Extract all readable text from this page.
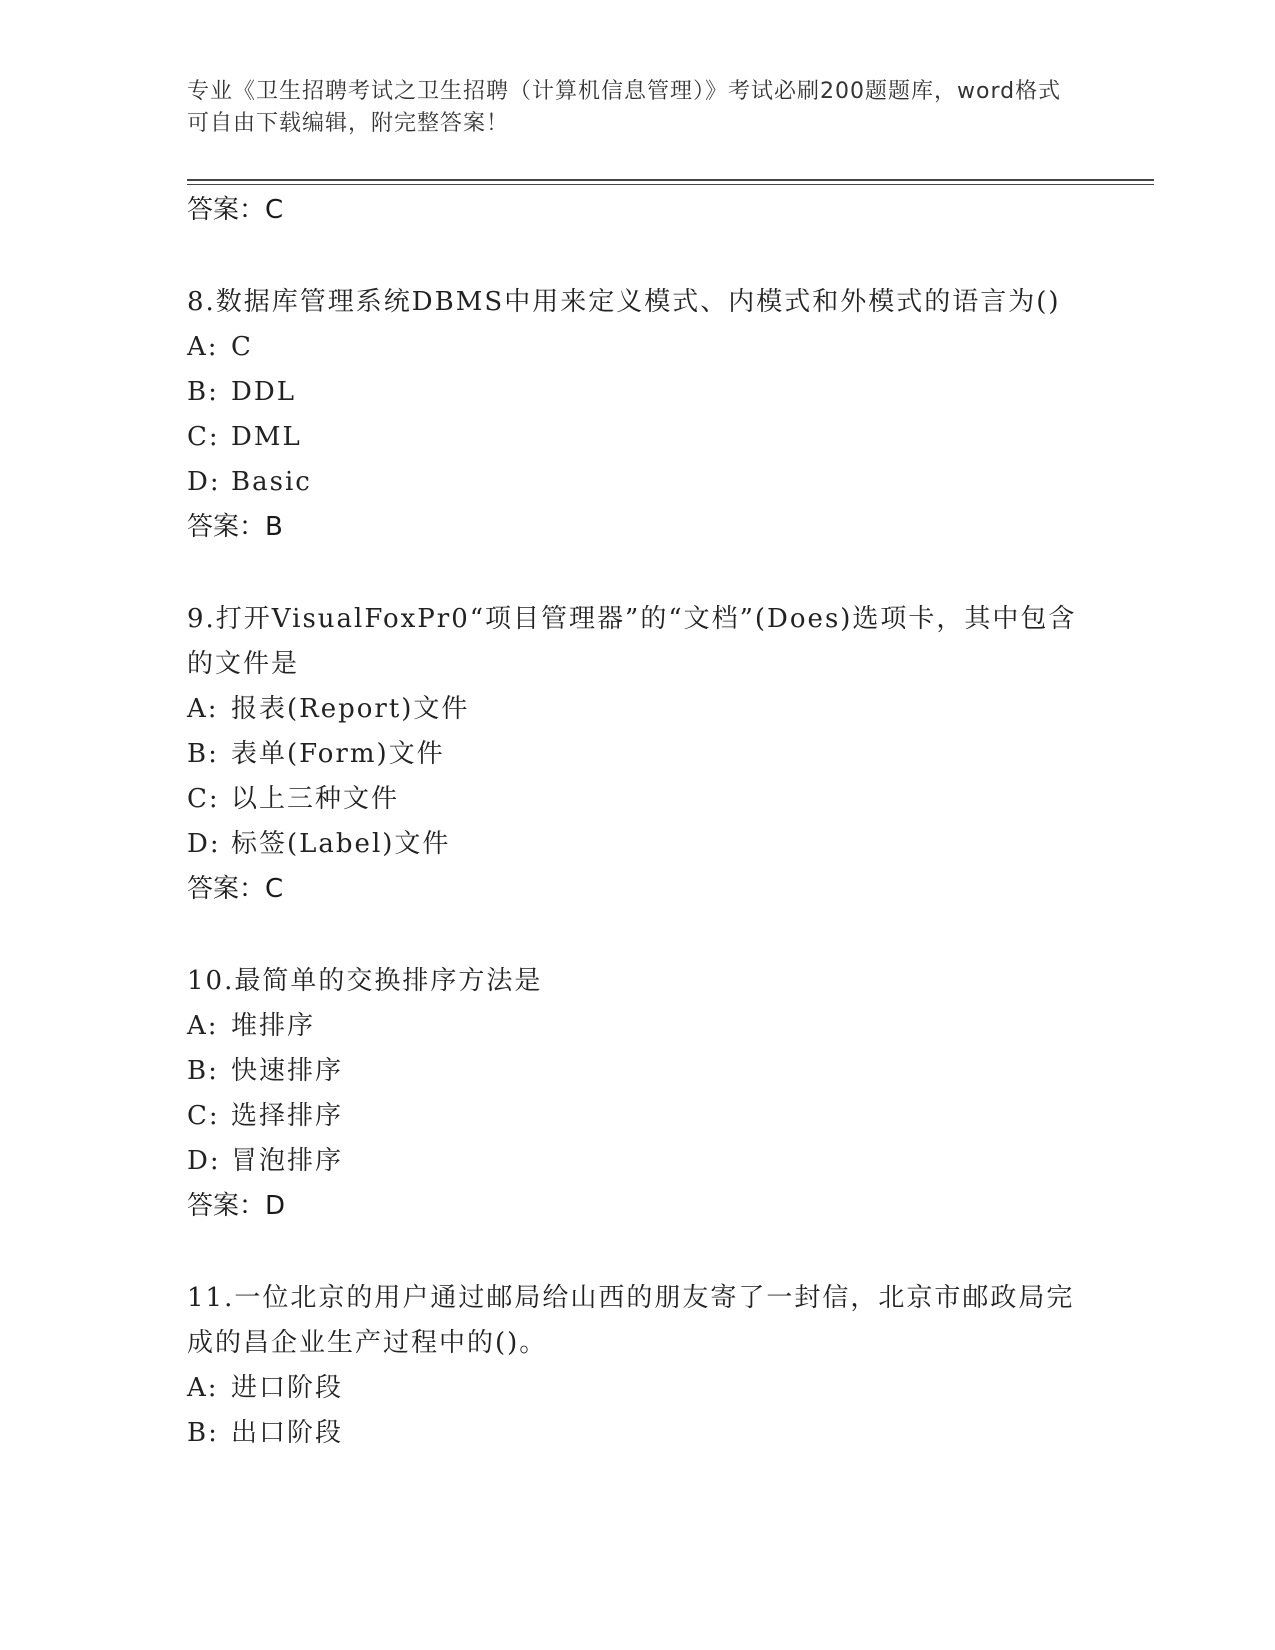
专业《卫生招聘考试之卫生招聘（计算机信息管理）》考试必刷200题题库，word格式可自由下载编辑，附完整答案！
答案：C
8.数据库管理系统DBMS中用来定义模式、内模式和外模式的语言为()
A: C
B: DDL
C: DML
D: Basic
答案：B
9.打开VisualFoxPr0“项目管理器”的“文档”(Does)选项卡，其中包含的文件是
A: 报表(Report)文件
B: 表单(Form)文件
C: 以上三种文件
D: 标签(Label)文件
答案：C
10.最简单的交换排序方法是
A: 堆排序
B: 快速排序
C: 选择排序
D: 冒泡排序
答案：D
11.一位北京的用户通过邮局给山西的朋友寄了一封信，北京市邮政局完成的昌企业生产过程中的()。
A: 进口阶段
B: 出口阶段
